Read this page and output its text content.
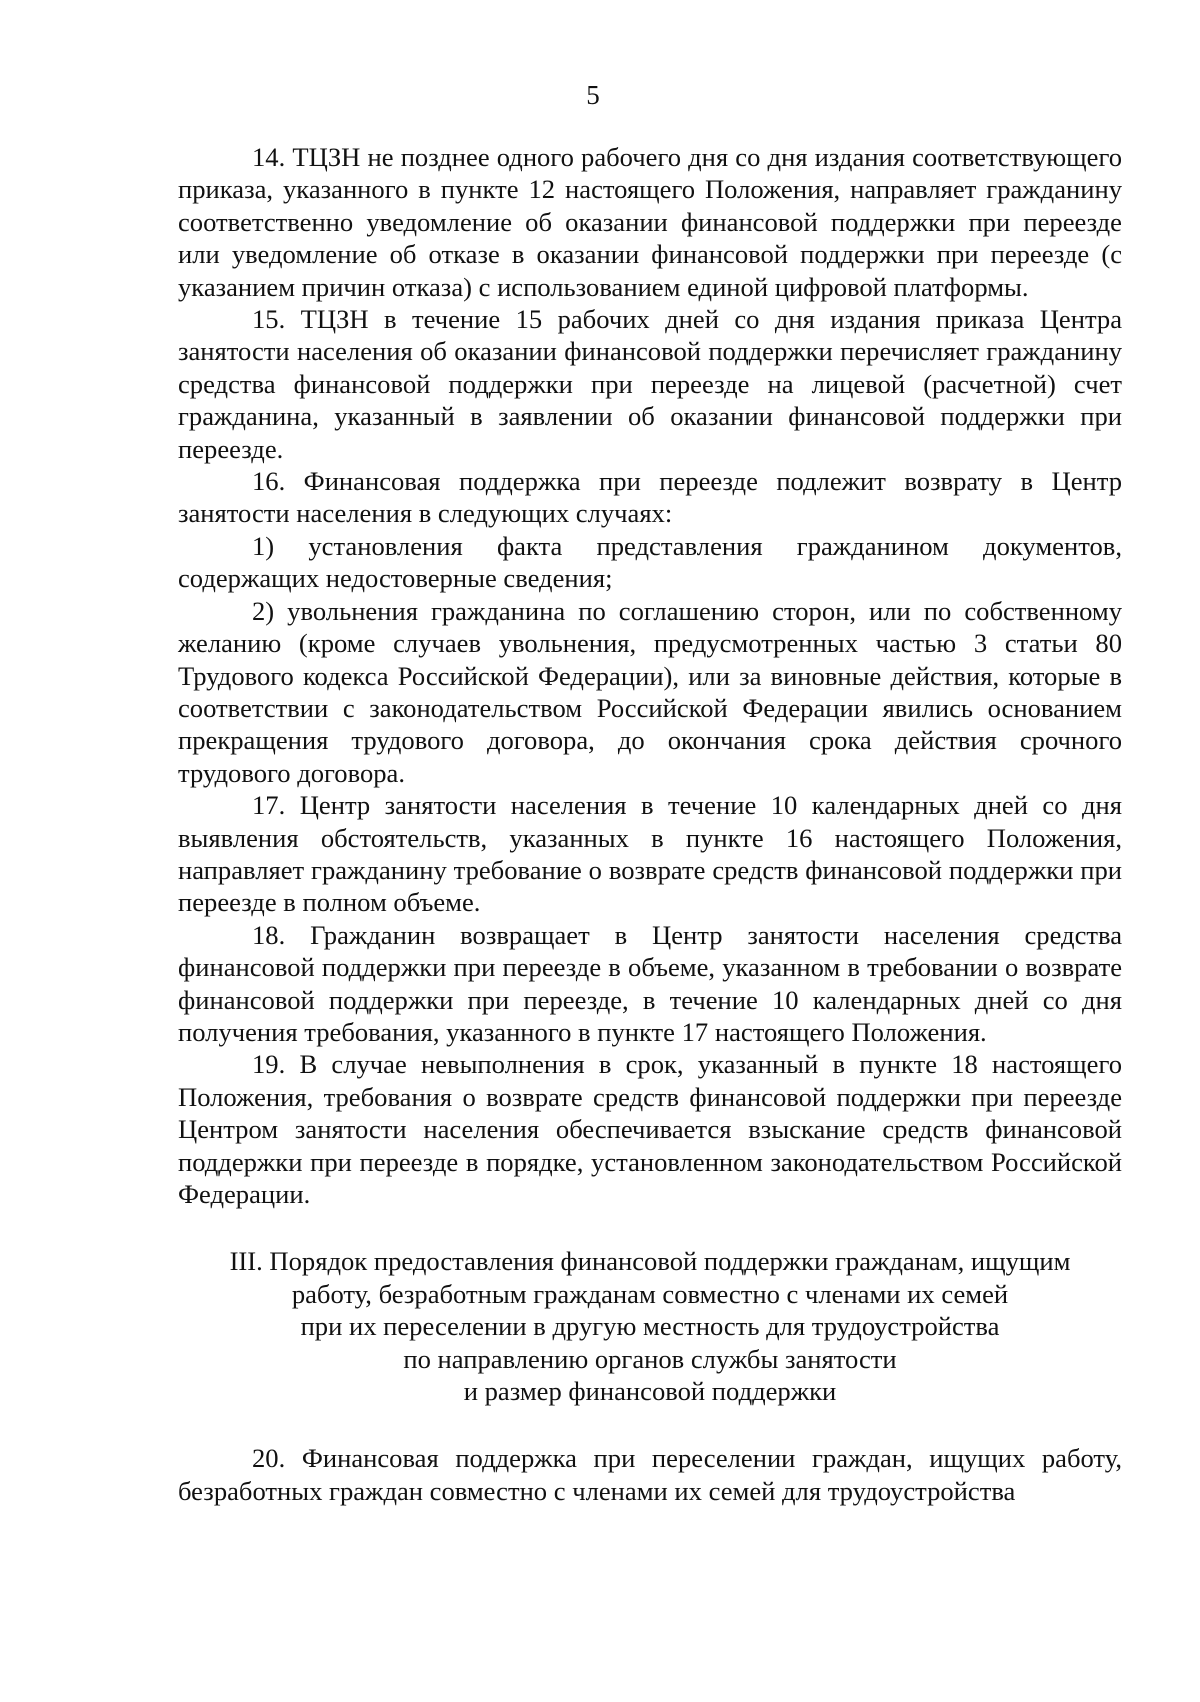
5

14. ТЦЗН не позднее одного рабочего дня со дня издания соответствующего приказа, указанного в пункте 12 настоящего Положения, направляет гражданину соответственно уведомление об оказании финансовой поддержки при переезде или уведомление об отказе в оказании финансовой поддержки при переезде (с указанием причин отказа) с использованием единой цифровой платформы.

15. ТЦЗН в течение 15 рабочих дней со дня издания приказа Центра занятости населения об оказании финансовой поддержки перечисляет гражданину средства финансовой поддержки при переезде на лицевой (расчетной) счет гражданина, указанный в заявлении об оказании финансовой поддержки при переезде.

16. Финансовая поддержка при переезде подлежит возврату в Центр занятости населения в следующих случаях:

1) установления факта представления гражданином документов, содержащих недостоверные сведения;

2) увольнения гражданина по соглашению сторон, или по собственному желанию (кроме случаев увольнения, предусмотренных частью 3 статьи 80 Трудового кодекса Российской Федерации), или за виновные действия, которые в соответствии с законодательством Российской Федерации явились основанием прекращения трудового договора, до окончания срока действия срочного трудового договора.

17. Центр занятости населения в течение 10 календарных дней со дня выявления обстоятельств, указанных в пункте 16 настоящего Положения, направляет гражданину требование о возврате средств финансовой поддержки при переезде в полном объеме.

18. Гражданин возвращает в Центр занятости населения средства финансовой поддержки при переезде в объеме, указанном в требовании о возврате финансовой поддержки при переезде, в течение 10 календарных дней со дня получения требования, указанного в пункте 17 настоящего Положения.

19. В случае невыполнения в срок, указанный в пункте 18 настоящего Положения, требования о возврате средств финансовой поддержки при переезде Центром занятости населения обеспечивается взыскание средств финансовой поддержки при переезде в порядке, установленном законодательством Российской Федерации.

III. Порядок предоставления финансовой поддержки гражданам, ищущим
работу, безработным гражданам совместно с членами их семей
при их переселении в другую местность для трудоустройства
по направлению органов службы занятости
и размер финансовой поддержки

20. Финансовая поддержка при переселении граждан, ищущих работу, безработных граждан совместно с членами их семей для трудоустройства
